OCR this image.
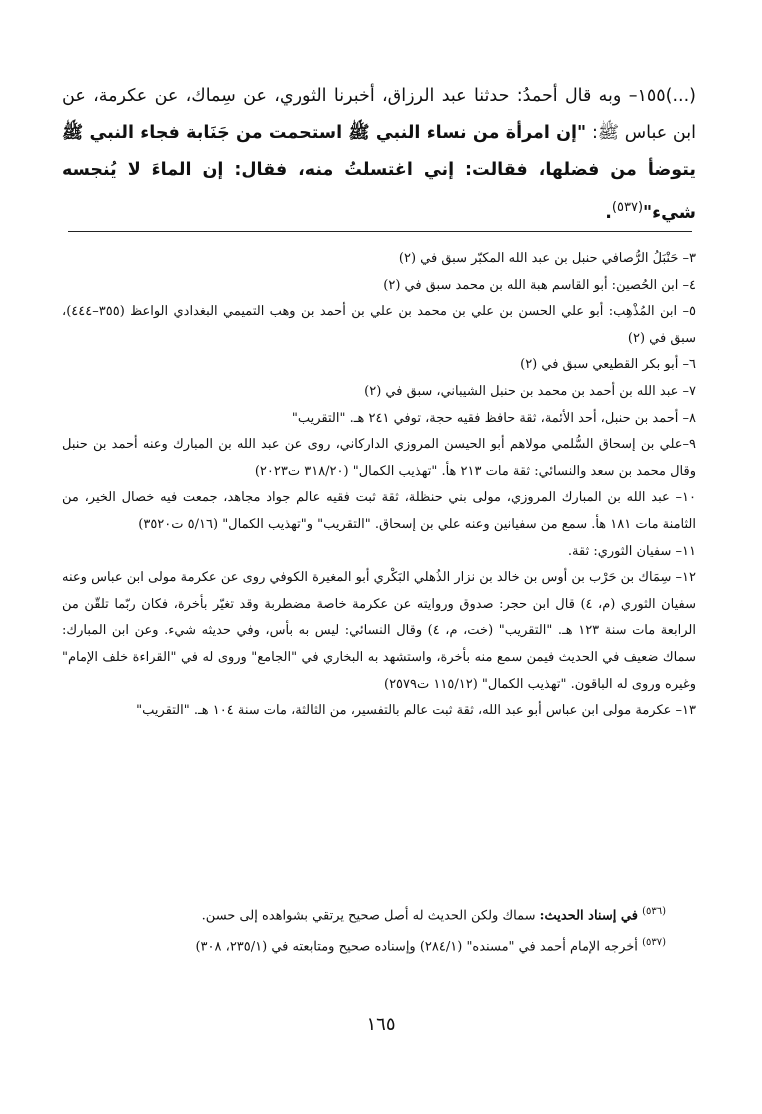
(...)١٥٥– وبه قال أحمدُ: حدثنا عبد الرزاق، أخبرنا الثوري، عن سِماك، عن عكرمة، عن ابن عباس ﷺ: "إن امرأة من نساء النبي ﷺ استحمت من جَنَابة فجاء النبي ﷺ يتوضأ من فضلها، فقالت: إني اغتسلتُ منه، فقال: إن الماءَ لا يُنجسه شيء"$^{(٥٣٧)}$.

٣– حَنْبَلُ الرُّصافي حنبل بن عبد الله المكبّر سبق في (٢)

٤– ابن الحُصين: أبو القاسم هبة الله بن محمد سبق في (٢)

٥– ابن المُذْهِب: أبو علي الحسن بن علي بن محمد بن علي بن أحمد بن وهب التميمي البغدادي الواعظ (٣٥٥–٤٤٤)، سبق في (٢)

٦– أبو بكر القطيعي سبق في (٢)

٧– عبد الله بن أحمد بن محمد بن حنبل الشيباني، سبق في (٢)

٨– أحمد بن حنبل، أحد الأئمة، ثقة حافظ فقيه حجة، توفي ٢٤١ هـ. "التقريب"

٩–علي بن إسحاق السُّلمي مولاهم أبو الحيسن المروزي الداركاني، روى عن عبد الله بن المبارك وعنه أحمد بن حنبل وقال محمد بن سعد والنسائي: ثقة مات ٢١٣ هأ. "تهذيب الكمال" (٣١٨/٢٠ ت٢٠٢٣)

١٠– عبد الله بن المبارك المروزي، مولى بني حنظلة، ثقة ثبت فقيه عالم جواد مجاهد، جمعت فيه خصال الخير، من الثامنة مات ١٨١ هأ. سمع من سفيانين وعنه علي بن إسحاق. "التقريب" و"تهذيب الكمال" (٥/١٦ ت٣٥٢٠)

١١– سفيان الثوري: ثقة.

١٢– سِمَاك بن حَرْب بن أوس بن خالد بن نزار الذُهلي البَكْري أبو المغيرة الكوفي روى عن عكرمة مولى ابن عباس وعنه سفيان الثوري (م، ٤) قال ابن حجر: صدوق وروايته عن عكرمة خاصة مضطربة وقد تغيّر بأخرة، فكان ربّما تلقّن من الرابعة مات سنة ١٢٣ هـ. "التقريب" (خت، م، ٤) وقال النسائي: ليس به بأس، وفي حديثه شيء. وعن ابن المبارك: سماك ضعيف في الحديث فيمن سمع منه بأخرة، واستشهد به البخاري في "الجامع" وروى له في "القراءة خلف الإمام" وغيره وروى له الباقون. "تهذيب الكمال" (١١٥/١٢ ت٢٥٧٩)

١٣– عكرمة مولى ابن عباس أبو عبد الله، ثقة ثبت عالم بالتفسير، من الثالثة، مات سنة ١٠٤ هـ. "التقريب"

$^{(٥٣٦)}$ في إسناد الحديث: سماك ولكن الحديث له أصل صحيح يرتقي بشواهده إلى حسن.

$^{(٥٣٧)}$ أخرجه الإمام أحمد في "مسنده" (٢٨٤/١) وإسناده صحيح ومتابعته في (٢٣٥/١، ٣٠٨)

١٦٥
